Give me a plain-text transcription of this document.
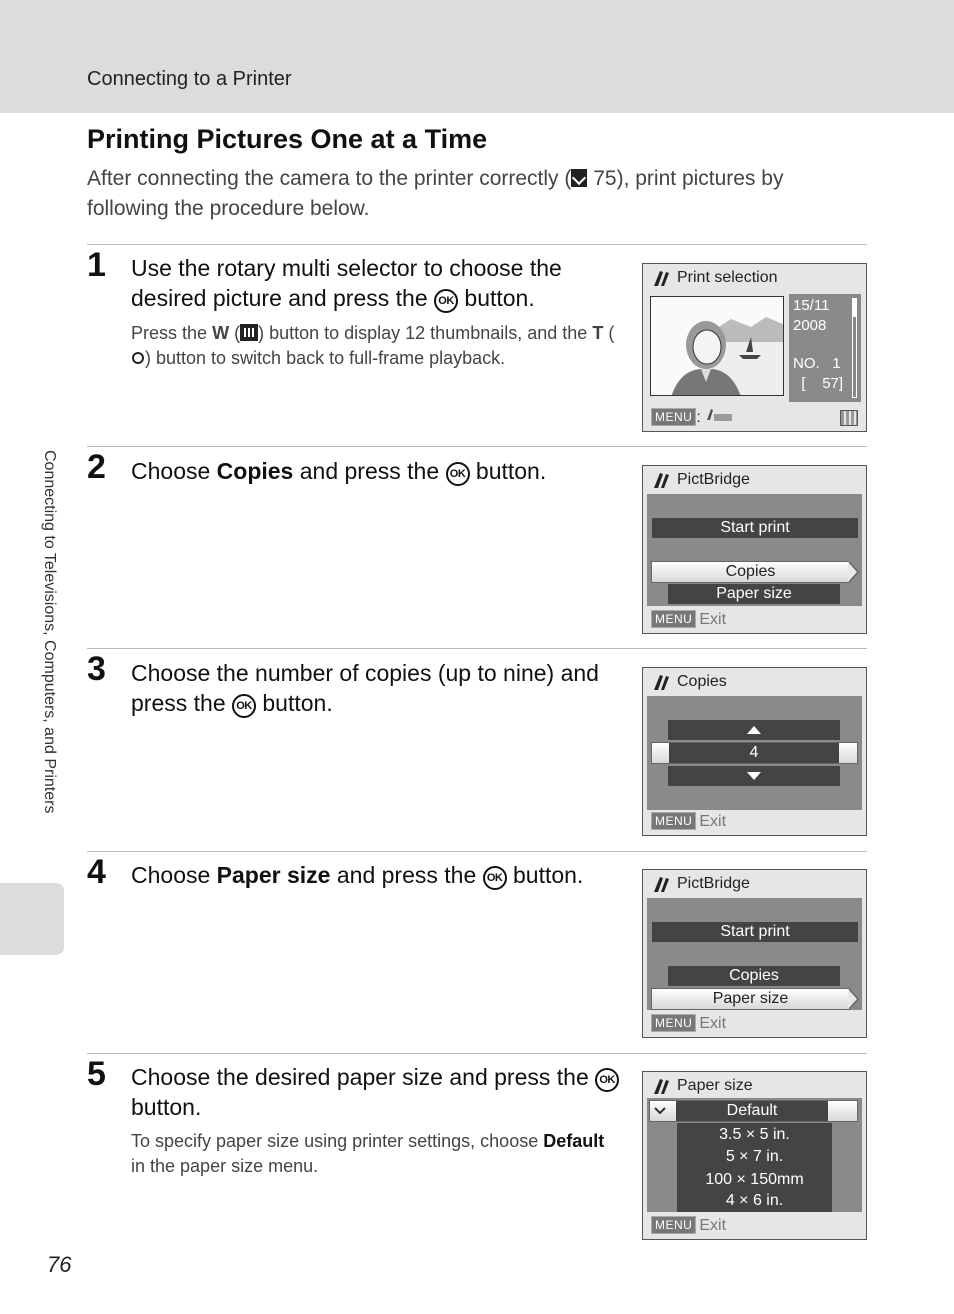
Connecting to a Printer
Printing Pictures One at a Time

After connecting the camera to the printer correctly ( 75), print pictures by following the procedure below.

Connecting to Televisions, Computers, and Printers
1 Use the rotary multi selector to choose the desired picture and press the OK button.
Press the W ( ) button to display 12 thumbnails, and the T () button to switch back to full-frame playback.
Print selection
15/11
2008
NO. 1
[ 57]
MENU :
2 Choose Copies and press the OK button.	PictBridge
Start print
Copies
Paper size
MENU Exit
3 Choose the number of copies (up to nine) and press the OK button.
Copies
4
MENU Exit
4 Choose Paper size and press the OK button.	PictBridge
Start print
Copies
Paper size
MENU Exit
5 Choose the desired paper size and press the OK button.
To specify paper size using printer settings, choose Default in the paper size menu.
Paper size
Default
3.5 × 5 in.
5 × 7 in.
100 × 150mm
4 × 6 in.
MENU Exit
76
